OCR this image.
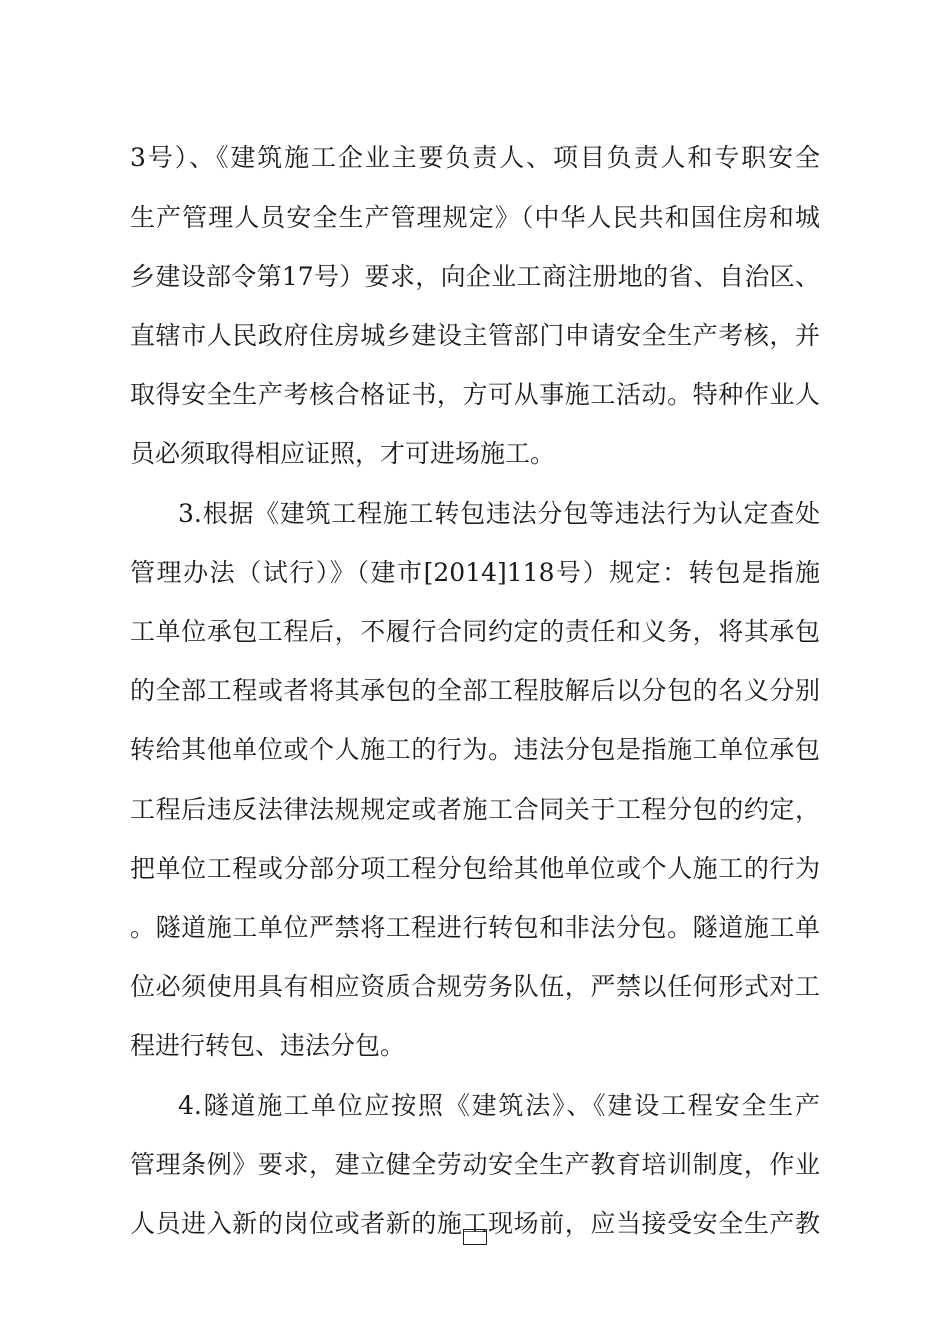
3号）、《建筑施工企业主要负责人、项目负责人和专职安全
生产管理人员安全生产管理规定》（中华人民共和国住房和城
乡建设部令第17号）要求，向企业工商注册地的省、自治区、
直辖市人民政府住房城乡建设主管部门申请安全生产考核，并
取得安全生产考核合格证书，方可从事施工活动。特种作业人
员必须取得相应证照，才可进场施工。
3.根据《建筑工程施工转包违法分包等违法行为认定查处
管理办法（试行）》（建市[2014]118号）规定：转包是指施
工单位承包工程后，不履行合同约定的责任和义务，将其承包
的全部工程或者将其承包的全部工程肢解后以分包的名义分别
转给其他单位或个人施工的行为。违法分包是指施工单位承包
工程后违反法律法规规定或者施工合同关于工程分包的约定，
把单位工程或分部分项工程分包给其他单位或个人施工的行为
。隧道施工单位严禁将工程进行转包和非法分包。隧道施工单
位必须使用具有相应资质合规劳务队伍，严禁以任何形式对工
程进行转包、违法分包。
4.隧道施工单位应按照《建筑法》、《建设工程安全生产
管理条例》要求，建立健全劳动安全生产教育培训制度，作业
人员进入新的岗位或者新的施工现场前，应当接受安全生产教
